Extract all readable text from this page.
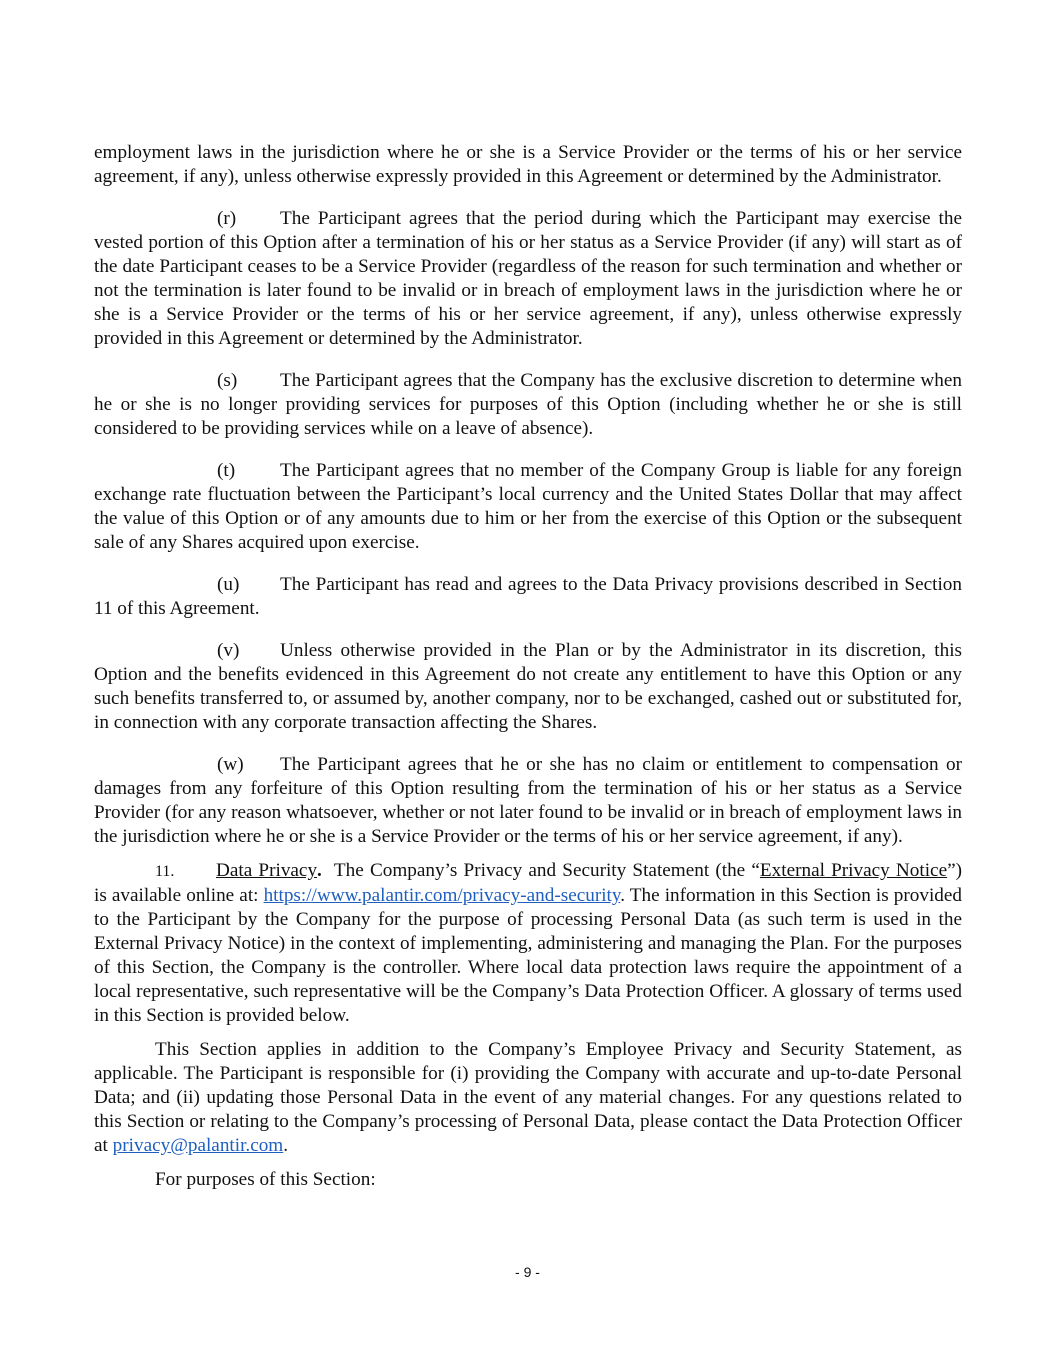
employment laws in the jurisdiction where he or she is a Service Provider or the terms of his or her service agreement, if any), unless otherwise expressly provided in this Agreement or determined by the Administrator.

(r) The Participant agrees that the period during which the Participant may exercise the vested portion of this Option after a termination of his or her status as a Service Provider (if any) will start as of the date Participant ceases to be a Service Provider (regardless of the reason for such termination and whether or not the termination is later found to be invalid or in breach of employment laws in the jurisdiction where he or she is a Service Provider or the terms of his or her service agreement, if any), unless otherwise expressly provided in this Agreement or determined by the Administrator.

(s) The Participant agrees that the Company has the exclusive discretion to determine when he or she is no longer providing services for purposes of this Option (including whether he or she is still considered to be providing services while on a leave of absence).

(t) The Participant agrees that no member of the Company Group is liable for any foreign exchange rate fluctuation between the Participant’s local currency and the United States Dollar that may affect the value of this Option or of any amounts due to him or her from the exercise of this Option or the subsequent sale of any Shares acquired upon exercise.

(u) The Participant has read and agrees to the Data Privacy provisions described in Section 11 of this Agreement.

(v) Unless otherwise provided in the Plan or by the Administrator in its discretion, this Option and the benefits evidenced in this Agreement do not create any entitlement to have this Option or any such benefits transferred to, or assumed by, another company, nor to be exchanged, cashed out or substituted for, in connection with any corporate transaction affecting the Shares.

(w) The Participant agrees that he or she has no claim or entitlement to compensation or damages from any forfeiture of this Option resulting from the termination of his or her status as a Service Provider (for any reason whatsoever, whether or not later found to be invalid or in breach of employment laws in the jurisdiction where he or she is a Service Provider or the terms of his or her service agreement, if any).

11. Data Privacy. The Company’s Privacy and Security Statement (the “External Privacy Notice”) is available online at: https://www.palantir.com/privacy-and-security. The information in this Section is provided to the Participant by the Company for the purpose of processing Personal Data (as such term is used in the External Privacy Notice) in the context of implementing, administering and managing the Plan. For the purposes of this Section, the Company is the controller. Where local data protection laws require the appointment of a local representative, such representative will be the Company’s Data Protection Officer. A glossary of terms used in this Section is provided below.

This Section applies in addition to the Company’s Employee Privacy and Security Statement, as applicable. The Participant is responsible for (i) providing the Company with accurate and up-to-date Personal Data; and (ii) updating those Personal Data in the event of any material changes. For any questions related to this Section or relating to the Company’s processing of Personal Data, please contact the Data Protection Officer at privacy@palantir.com.

For purposes of this Section:

- 9 -
